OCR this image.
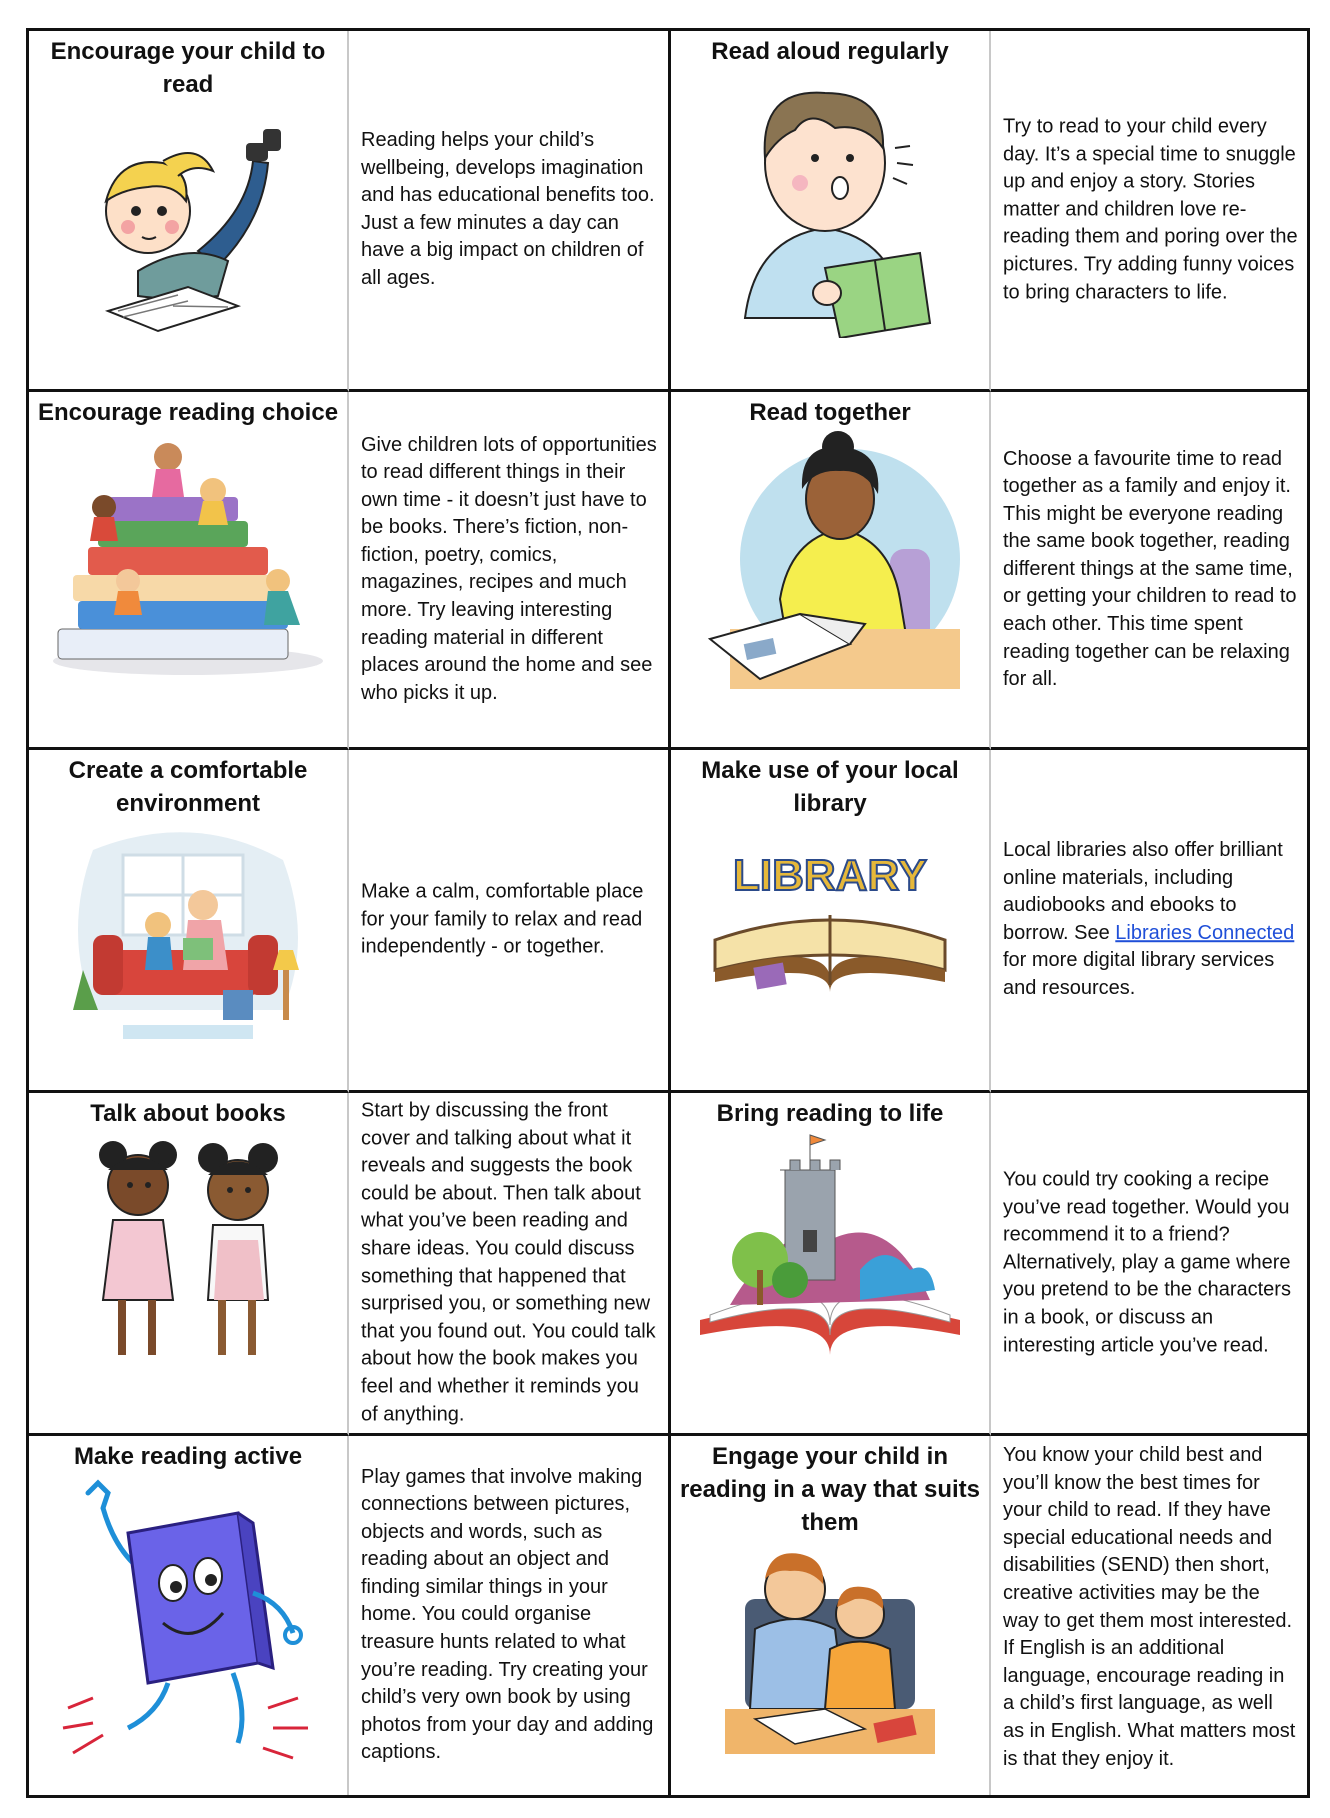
Encourage your child to read
Reading helps your child’s wellbeing, develops imagination and has educational benefits too. Just a few minutes a day can have a big impact on children of all ages.
Read aloud regularly
Try to read to your child every day. It’s a special time to snuggle up and enjoy a story. Stories matter and children love re-reading them and poring over the pictures. Try adding funny voices to bring characters to life.
Encourage reading choice
Give children lots of opportunities to read different things in their own time - it doesn’t just have to be books. There’s fiction, non-fiction, poetry, comics, magazines, recipes and much more. Try leaving interesting reading material in different places around the home and see who picks it up.
Read together
Choose a favourite time to read together as a family and enjoy it. This might be everyone reading the same book together, reading different things at the same time, or getting your children to read to each other. This time spent reading together can be relaxing for all.
Create a comfortable environment
Make a calm, comfortable place for your family to relax and read independently - or together.
Make use of your local library
LIBRARY
Local libraries also offer brilliant online materials, including audiobooks and ebooks to borrow. See Libraries Connected for more digital library services and resources.
Talk about books	Start by discussing the front cover and talking about what it reveals and suggests the book could be about. Then talk about what you’ve been reading and share ideas. You could discuss something that happened that surprised you, or something new that you found out. You could talk about how the book makes you feel and whether it reminds you of anything.
Bring reading to life
You could try cooking a recipe you’ve read together. Would you recommend it to a friend? Alternatively, play a game where you pretend to be the characters in a book, or discuss an interesting article you’ve read.
Make reading active
Play games that involve making connections between pictures, objects and words, such as reading about an object and finding similar things in your home. You could organise treasure hunts related to what you’re reading. Try creating your child’s very own book by using photos from your day and adding captions.
Engage your child in reading in a way that suits them
You know your child best and you’ll know the best times for your child to read. If they have special educational needs and disabilities (SEND) then short, creative activities may be the way to get them most interested. If English is an additional language, encourage reading in a child’s first language, as well as in English. What matters most is that they enjoy it.
